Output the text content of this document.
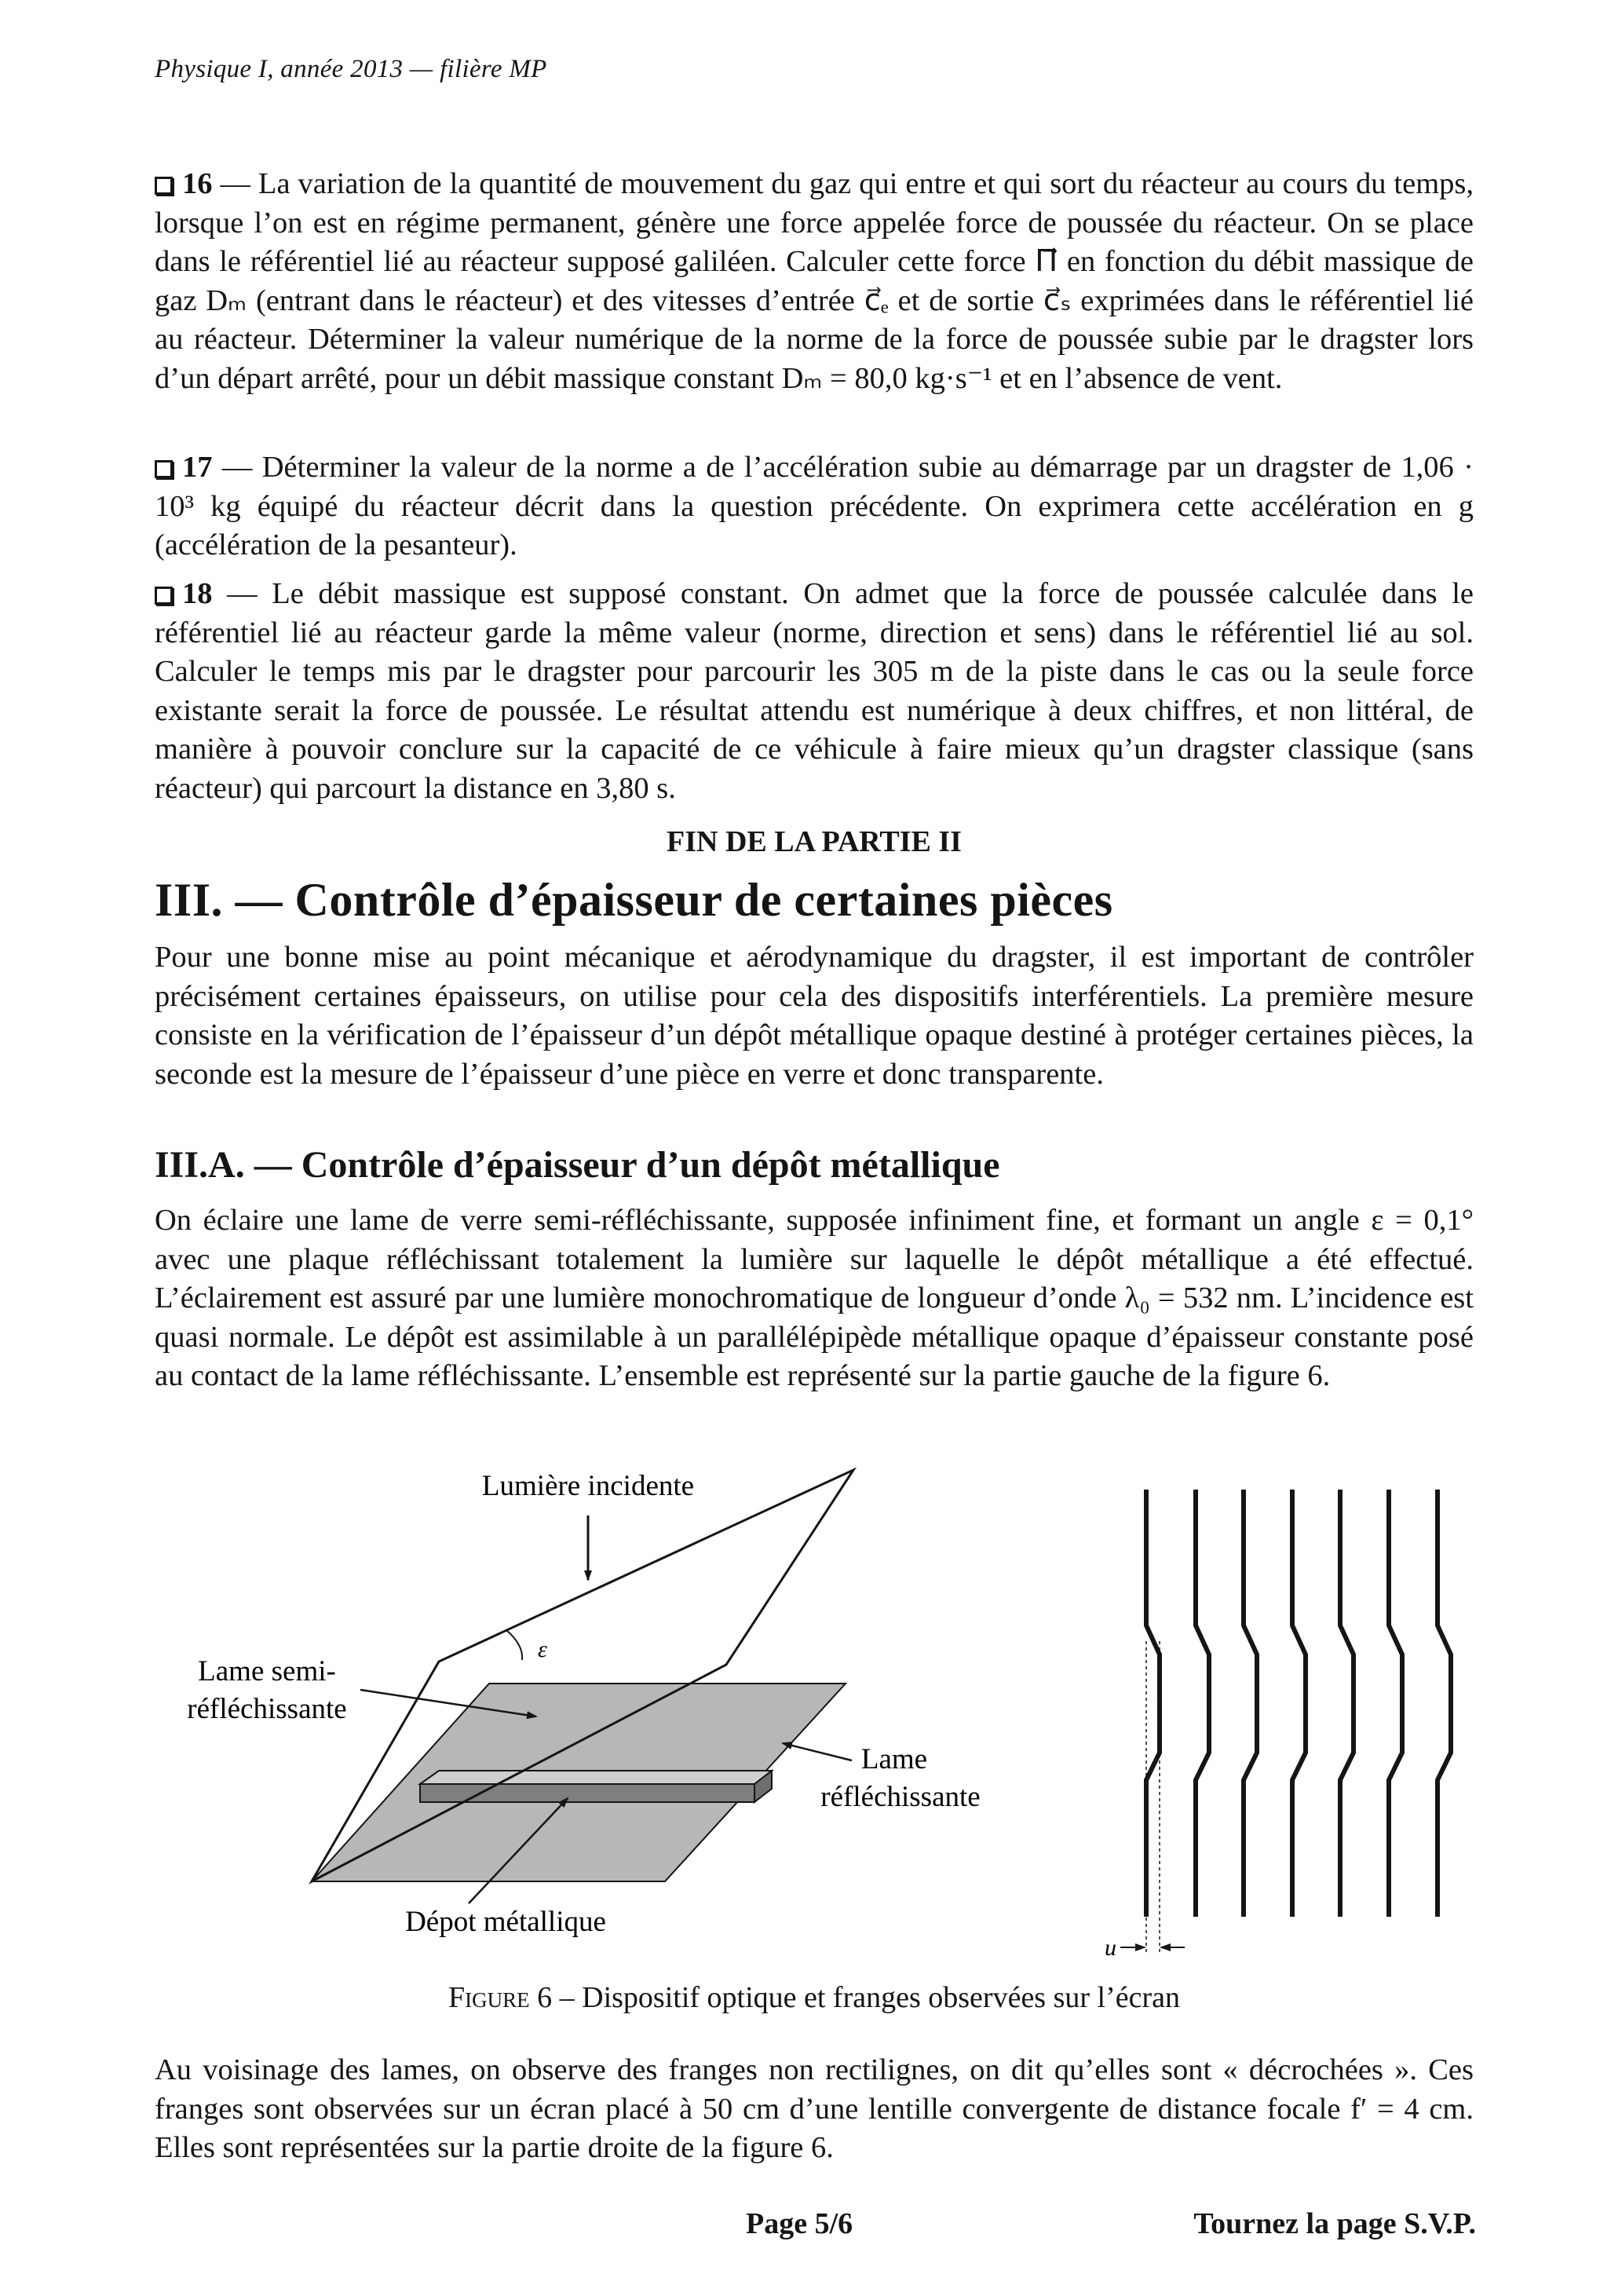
Physique I, année 2013 — filière MP
16 — La variation de la quantité de mouvement du gaz qui entre et qui sort du réacteur au cours du temps, lorsque l’on est en régime permanent, génère une force appelée force de poussée du réacteur. On se place dans le référentiel lié au réacteur supposé galiléen. Calculer cette force Π⃗ en fonction du débit massique de gaz Dₘ (entrant dans le réacteur) et des vitesses d’entrée c⃗ₑ et de sortie c⃗ₛ exprimées dans le référentiel lié au réacteur. Déterminer la valeur numérique de la norme de la force de poussée subie par le dragster lors d’un départ arrêté, pour un débit massique constant Dₘ = 80,0 kg·s⁻¹ et en l’absence de vent.
17 — Déterminer la valeur de la norme a de l’accélération subie au démarrage par un dragster de 1,06 · 10³ kg équipé du réacteur décrit dans la question précédente. On exprimera cette accélération en g (accélération de la pesanteur).
18 — Le débit massique est supposé constant. On admet que la force de poussée calculée dans le référentiel lié au réacteur garde la même valeur (norme, direction et sens) dans le référentiel lié au sol. Calculer le temps mis par le dragster pour parcourir les 305 m de la piste dans le cas ou la seule force existante serait la force de poussée. Le résultat attendu est numérique à deux chiffres, et non littéral, de manière à pouvoir conclure sur la capacité de ce véhicule à faire mieux qu’un dragster classique (sans réacteur) qui parcourt la distance en 3,80 s.
FIN DE LA PARTIE II
III. — Contrôle d’épaisseur de certaines pièces
Pour une bonne mise au point mécanique et aérodynamique du dragster, il est important de contrôler précisément certaines épaisseurs, on utilise pour cela des dispositifs interférentiels. La première mesure consiste en la vérification de l’épaisseur d’un dépôt métallique opaque destiné à protéger certaines pièces, la seconde est la mesure de l’épaisseur d’une pièce en verre et donc transparente.
III.A. — Contrôle d’épaisseur d’un dépôt métallique
On éclaire une lame de verre semi-réfléchissante, supposée infiniment fine, et formant un angle ε = 0,1° avec une plaque réfléchissant totalement la lumière sur laquelle le dépôt métallique a été effectué. L’éclairement est assuré par une lumière monochromatique de longueur d’onde λ₀ = 532 nm. L’incidence est quasi normale. Le dépôt est assimilable à un parallélépipède métallique opaque d’épaisseur constante posé au contact de la lame réfléchissante. L’ensemble est représenté sur la partie gauche de la figure 6.
ε
Lumière incidente
Lame semi-
réfléchissante
Lame
réfléchissante
Dépot métallique
u
Figure 6 – Dispositif optique et franges observées sur l’écran
Au voisinage des lames, on observe des franges non rectilignes, on dit qu’elles sont « décrochées ». Ces franges sont observées sur un écran placé à 50 cm d’une lentille convergente de distance focale f′ = 4 cm. Elles sont représentées sur la partie droite de la figure 6.
Page 5/6	Tournez la page S.V.P.
